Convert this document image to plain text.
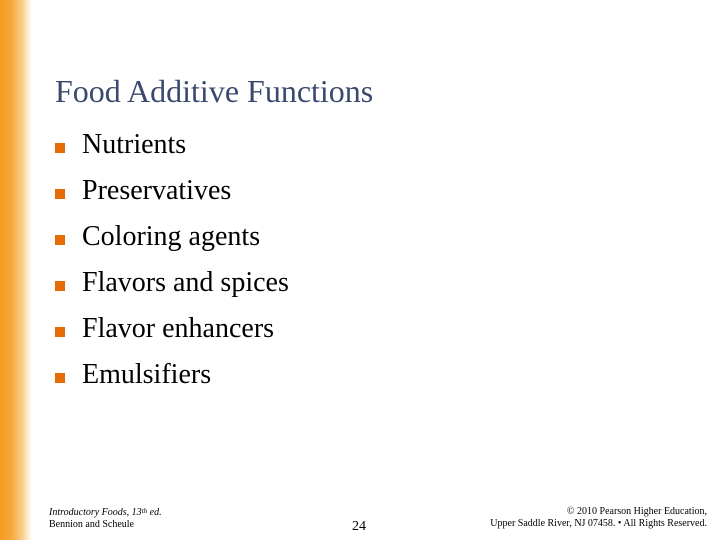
Food Additive Functions
Nutrients
Preservatives
Coloring agents
Flavors and spices
Flavor enhancers
Emulsifiers
Introductory Foods, 13th ed.
Bennion and Scheule	24
© 2010 Pearson Higher Education,
Upper Saddle River, NJ 07458. • All Rights Reserved.
